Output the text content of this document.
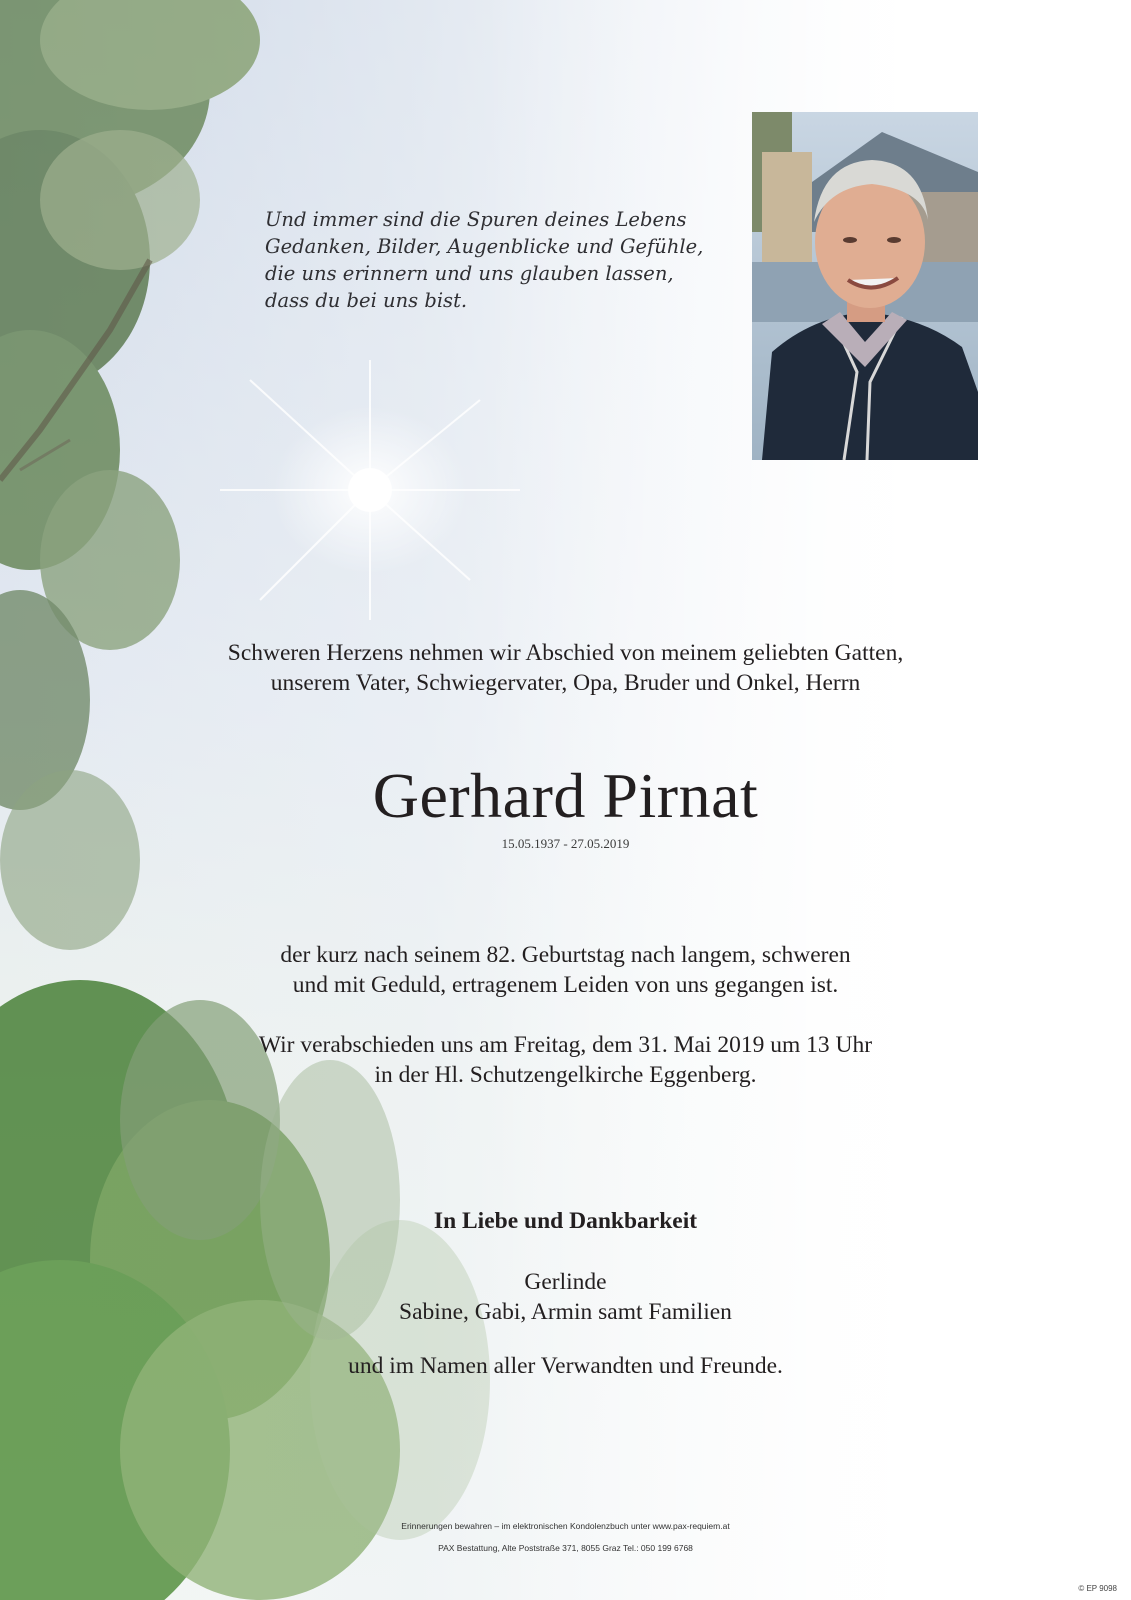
Und immer sind die Spuren deines Lebens
Gedanken, Bilder, Augenblicke und Gefühle,
die uns erinnern und uns glauben lassen,
dass du bei uns bist.
Schweren Herzens nehmen wir Abschied von meinem geliebten Gatten,
unserem Vater, Schwiegervater, Opa, Bruder und Onkel, Herrn
Gerhard Pirnat
15.05.1937 - 27.05.2019
der kurz nach seinem 82. Geburtstag nach langem, schweren
und mit Geduld, ertragenem Leiden von uns gegangen ist.
Wir verabschieden uns am Freitag, dem 31. Mai 2019 um 13 Uhr
in der Hl. Schutzengelkirche Eggenberg.
In Liebe und Dankbarkeit
Gerlinde
Sabine, Gabi, Armin samt Familien
und im Namen aller Verwandten und Freunde.
Erinnerungen bewahren – im elektronischen Kondolenzbuch unter www.pax-requiem.at
PAX Bestattung, Alte Poststraße 371, 8055 Graz Tel.: 050 199 6768
© EP 9098
